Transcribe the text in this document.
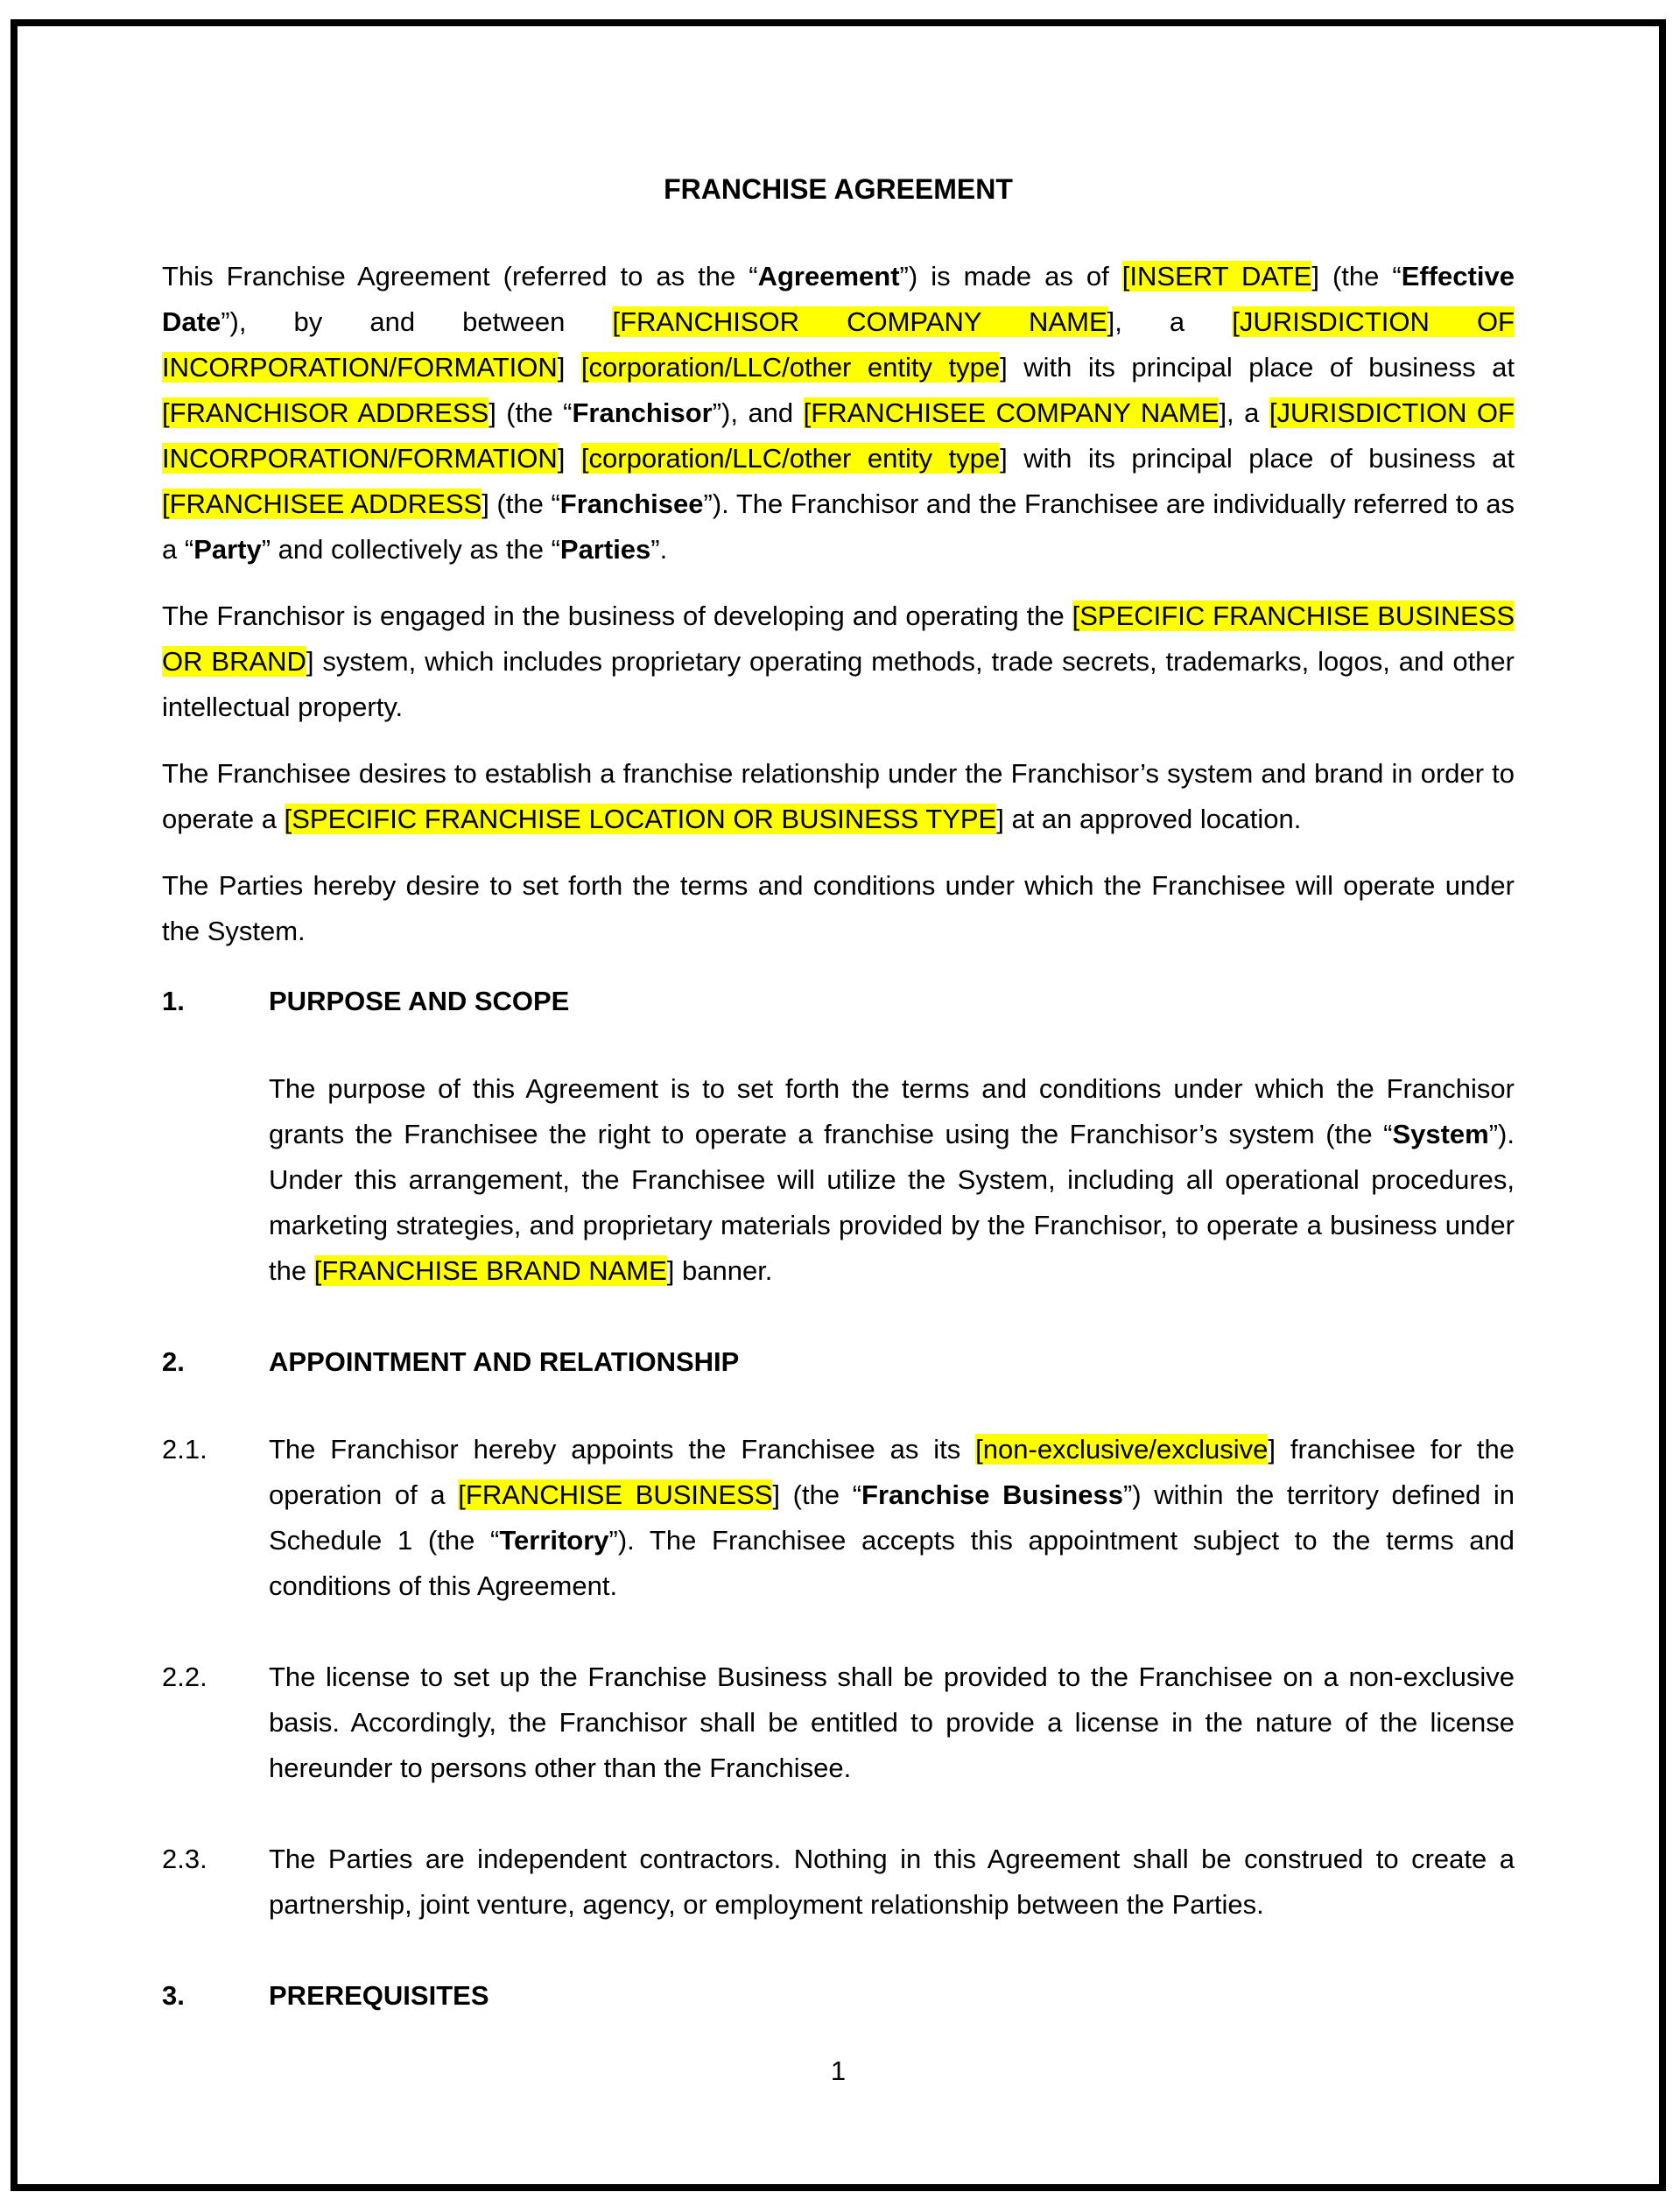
FRANCHISE AGREEMENT

This Franchise Agreement (referred to as the “Agreement”) is made as of [INSERT DATE] (the “Effective Date”), by and between [FRANCHISOR COMPANY NAME], a [JURISDICTION OF INCORPORATION/FORMATION] [corporation/LLC/other entity type] with its principal place of business at [FRANCHISOR ADDRESS] (the “Franchisor”), and [FRANCHISEE COMPANY NAME], a [JURISDICTION OF INCORPORATION/FORMATION] [corporation/LLC/other entity type] with its principal place of business at [FRANCHISEE ADDRESS] (the “Franchisee”). The Franchisor and the Franchisee are individually referred to as a “Party” and collectively as the “Parties”.

The Franchisor is engaged in the business of developing and operating the [SPECIFIC FRANCHISE BUSINESS OR BRAND] system, which includes proprietary operating methods, trade secrets, trademarks, logos, and other intellectual property.

The Franchisee desires to establish a franchise relationship under the Franchisor’s system and brand in order to operate a [SPECIFIC FRANCHISE LOCATION OR BUSINESS TYPE] at an approved location.

The Parties hereby desire to set forth the terms and conditions under which the Franchisee will operate under the System.

1.	PURPOSE AND SCOPE
The purpose of this Agreement is to set forth the terms and conditions under which the Franchisor grants the Franchisee the right to operate a franchise using the Franchisor’s system (the “System”). Under this arrangement, the Franchisee will utilize the System, including all operational procedures, marketing strategies, and proprietary materials provided by the Franchisor, to operate a business under the [FRANCHISE BRAND NAME] banner.
2.	APPOINTMENT AND RELATIONSHIP
2.1.	The Franchisor hereby appoints the Franchisee as its [non-exclusive/exclusive] franchisee for the operation of a [FRANCHISE BUSINESS] (the “Franchise Business”) within the territory defined in Schedule 1 (the “Territory”). The Franchisee accepts this appointment subject to the terms and conditions of this Agreement.
2.2.	The license to set up the Franchise Business shall be provided to the Franchisee on a non-exclusive basis. Accordingly, the Franchisor shall be entitled to provide a license in the nature of the license hereunder to persons other than the Franchisee.
2.3.	The Parties are independent contractors. Nothing in this Agreement shall be construed to create a partnership, joint venture, agency, or employment relationship between the Parties.
3.	PREREQUISITES
1
